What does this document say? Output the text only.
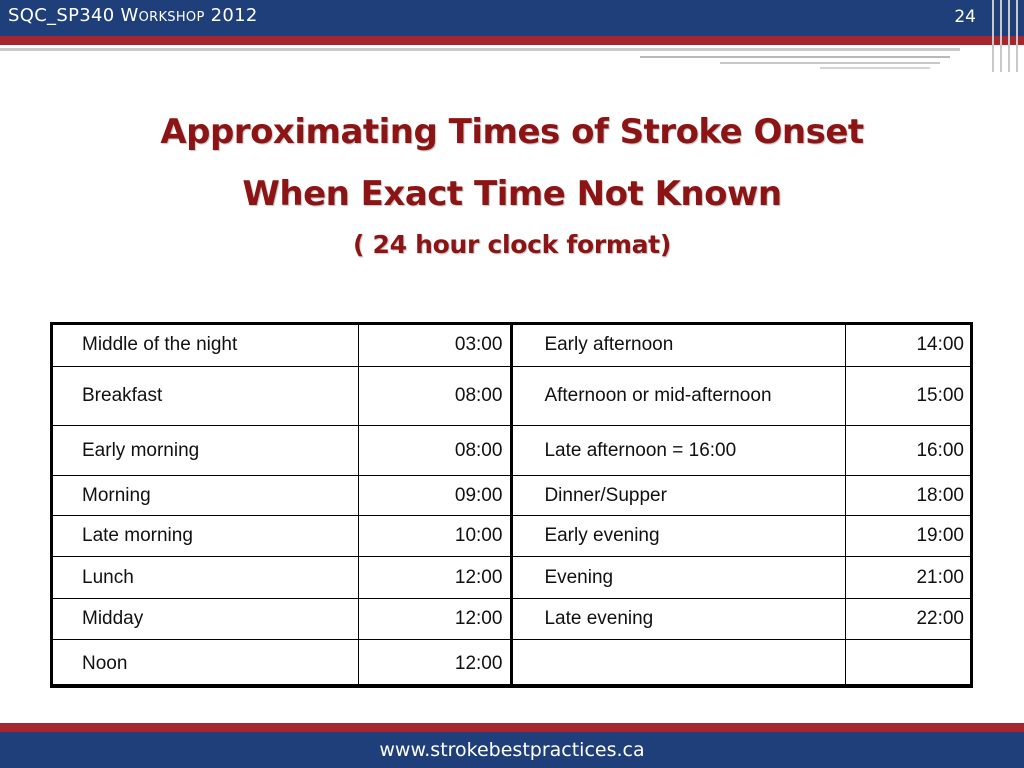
SQC_SP340 Workshop 2012	24
Approximating Times of Stroke Onset
When Exact Time Not Known
( 24 hour clock format)
Middle of the night	03:00	Early afternoon	14:00
Breakfast	08:00	Afternoon or mid-afternoon	15:00
Early morning	08:00	Late afternoon = 16:00	16:00
Morning	09:00	Dinner/Supper	18:00
Late morning	10:00	Early evening	19:00
Lunch	12:00	Evening	21:00
Midday	12:00	Late evening	22:00
Noon	12:00		
www.strokebestpractices.ca
